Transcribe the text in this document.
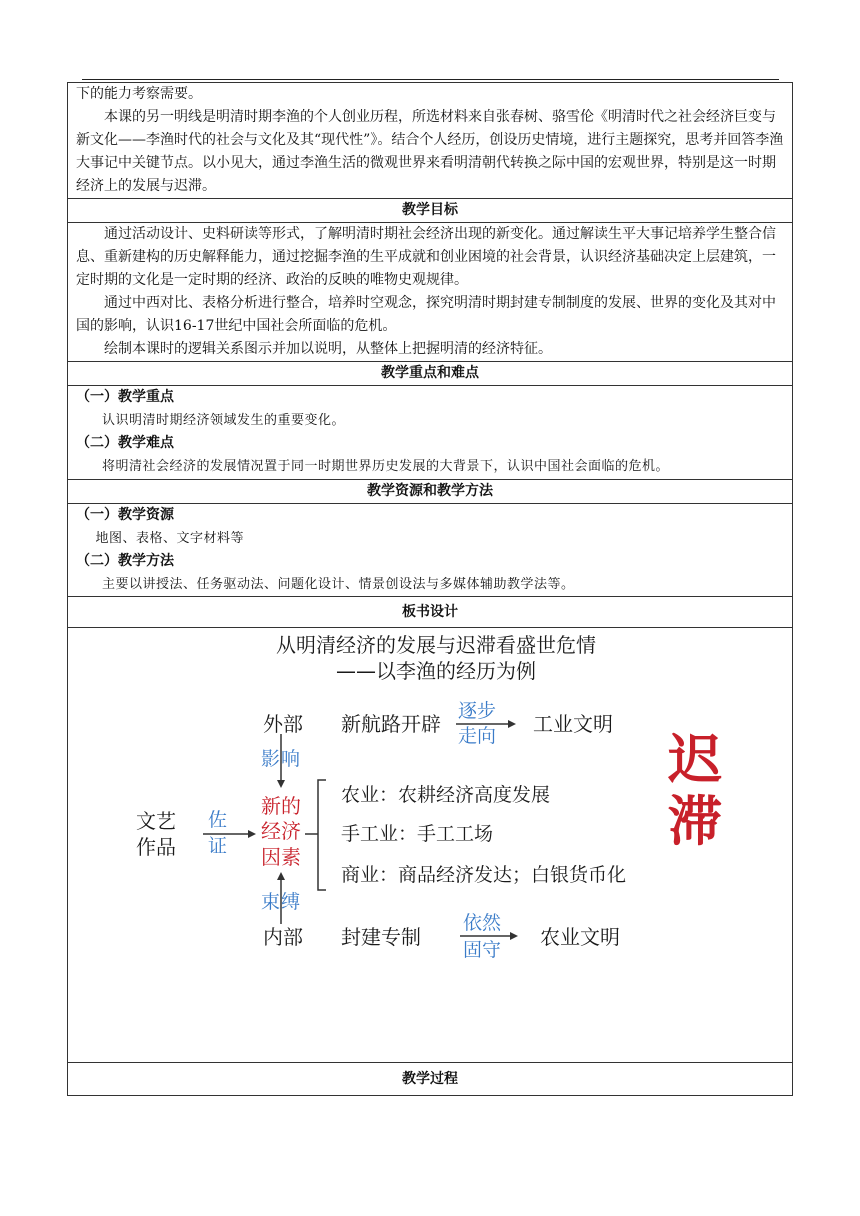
下的能力考察需要。

本课的另一明线是明清时期李渔的个人创业历程，所选材料来自张春树、骆雪伦《明清时代之社会经济巨变与新文化——李渔时代的社会与文化及其“现代性”》。结合个人经历，创设历史情境，进行主题探究，思考并回答李渔大事记中关键节点。以小见大，通过李渔生活的微观世界来看明清朝代转换之际中国的宏观世界，特别是这一时期经济上的发展与迟滞。

教学目标

通过活动设计、史料研读等形式，了解明清时期社会经济出现的新变化。通过解读生平大事记培养学生整合信息、重新建构的历史解释能力，通过挖掘李渔的生平成就和创业困境的社会背景，认识经济基础决定上层建筑，一定时期的文化是一定时期的经济、政治的反映的唯物史观规律。

通过中西对比、表格分析进行整合，培养时空观念，探究明清时期封建专制制度的发展、世界的变化及其对中国的影响，认识16-17世纪中国社会所面临的危机。

绘制本课时的逻辑关系图示并加以说明，从整体上把握明清的经济特征。

教学重点和难点

（一）教学重点

认识明清时期经济领域发生的重要变化。

（二）教学难点

将明清社会经济的发展情况置于同一时期世界历史发展的大背景下，认识中国社会面临的危机。

教学资源和教学方法

（一）教学资源

地图、表格、文字材料等

（二）教学方法

主要以讲授法、任务驱动法、问题化设计、情景创设法与多媒体辅助教学法等。

板书设计

从明清经济的发展与迟滞看盛世危情
——以李渔的经历为例
外部 新航路开辟
逐步
走向 工业文明
影 响
新的
经济
因素
文艺
作品
佐
证
农业：农耕经济高度发展
手工业：手工工场
商业：商品经济发达；白银货币化
束 缚
内部 封建专制
依然
固守
农业文明
迟
滞

教学过程
